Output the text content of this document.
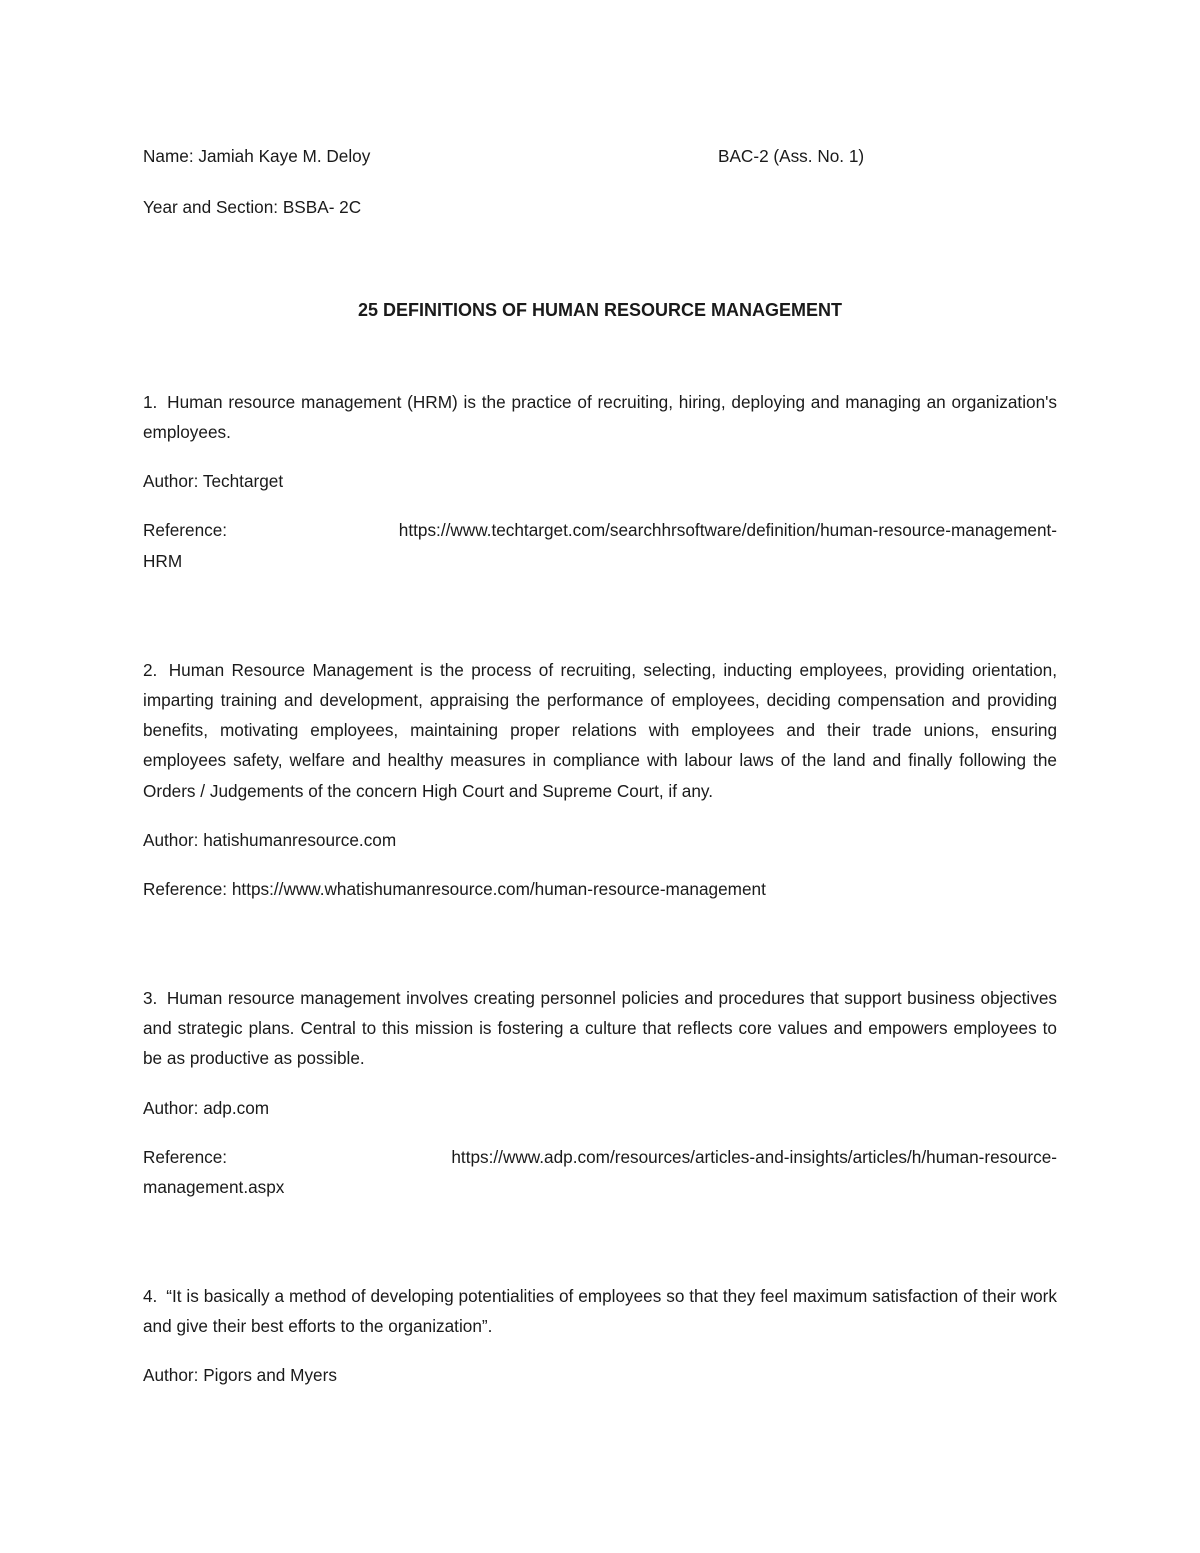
Name: Jamiah Kaye M. Deloy	BAC-2 (Ass. No. 1)
Year and Section: BSBA- 2C
25 DEFINITIONS OF HUMAN RESOURCE MANAGEMENT
1. Human resource management (HRM) is the practice of recruiting, hiring, deploying and managing an organization's employees.
Author: Techtarget
Reference:	https://www.techtarget.com/searchhrsoftware/definition/human-resource-management-
HRM
2. Human Resource Management is the process of recruiting, selecting, inducting employees, providing orientation, imparting training and development, appraising the performance of employees, deciding compensation and providing benefits, motivating employees, maintaining proper relations with employees and their trade unions, ensuring employees safety, welfare and healthy measures in compliance with labour laws of the land and finally following the Orders / Judgements of the concern High Court and Supreme Court, if any.
Author: hatishumanresource.com
Reference: https://www.whatishumanresource.com/human-resource-management
3. Human resource management involves creating personnel policies and procedures that support business objectives and strategic plans. Central to this mission is fostering a culture that reflects core values and empowers employees to be as productive as possible.
Author: adp.com
Reference:	https://www.adp.com/resources/articles-and-insights/articles/h/human-resource-
management.aspx
4. “It is basically a method of developing potentialities of employees so that they feel maximum satisfaction of their work and give their best efforts to the organization”.
Author: Pigors and Myers
